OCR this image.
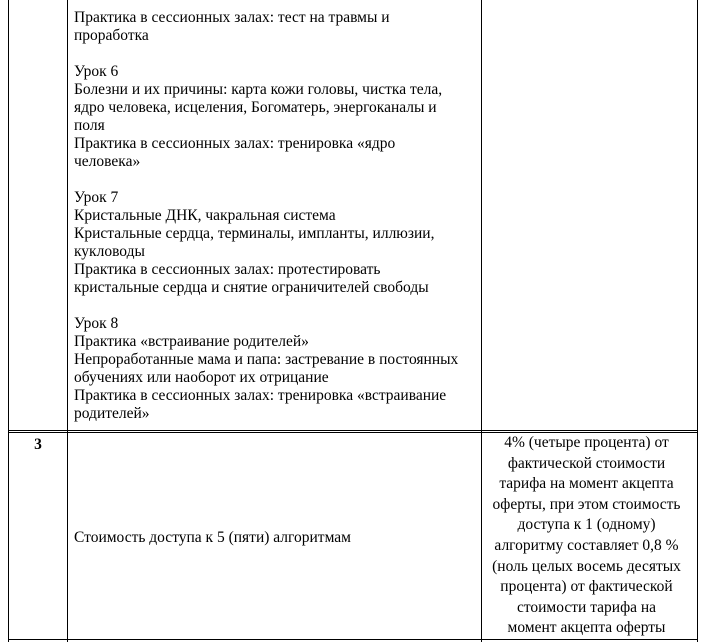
Практика в сессионных залах: тест на травмы и
проработка
Урок 6
Болезни и их причины: карта кожи головы, чистка тела,
ядро человека, исцеления, Богоматерь, энергоканалы и
поля
Практика в сессионных залах: тренировка «ядро
человека»
Урок 7
Кристальные ДНК, чакральная система
Кристальные сердца, терминалы, импланты, иллюзии,
кукловоды
Практика в сессионных залах: протестировать
кристальные сердца и снятие ограничителей свободы
Урок 8
Практика «встраивание родителей»
Непроработанные мама и папа: застревание в постоянных
обучениях или наоборот их отрицание
Практика в сессионных залах: тренировка «встраивание
родителей»
3
Стоимость доступа к 5 (пяти) алгоритмам
4% (четыре процента) от
фактической стоимости
тарифа на момент акцепта
оферты, при этом стоимость
доступа к 1 (одному)
алгоритму составляет 0,8 %
(ноль целых восемь десятых
процента) от фактической
стоимости тарифа на
момент акцепта оферты
